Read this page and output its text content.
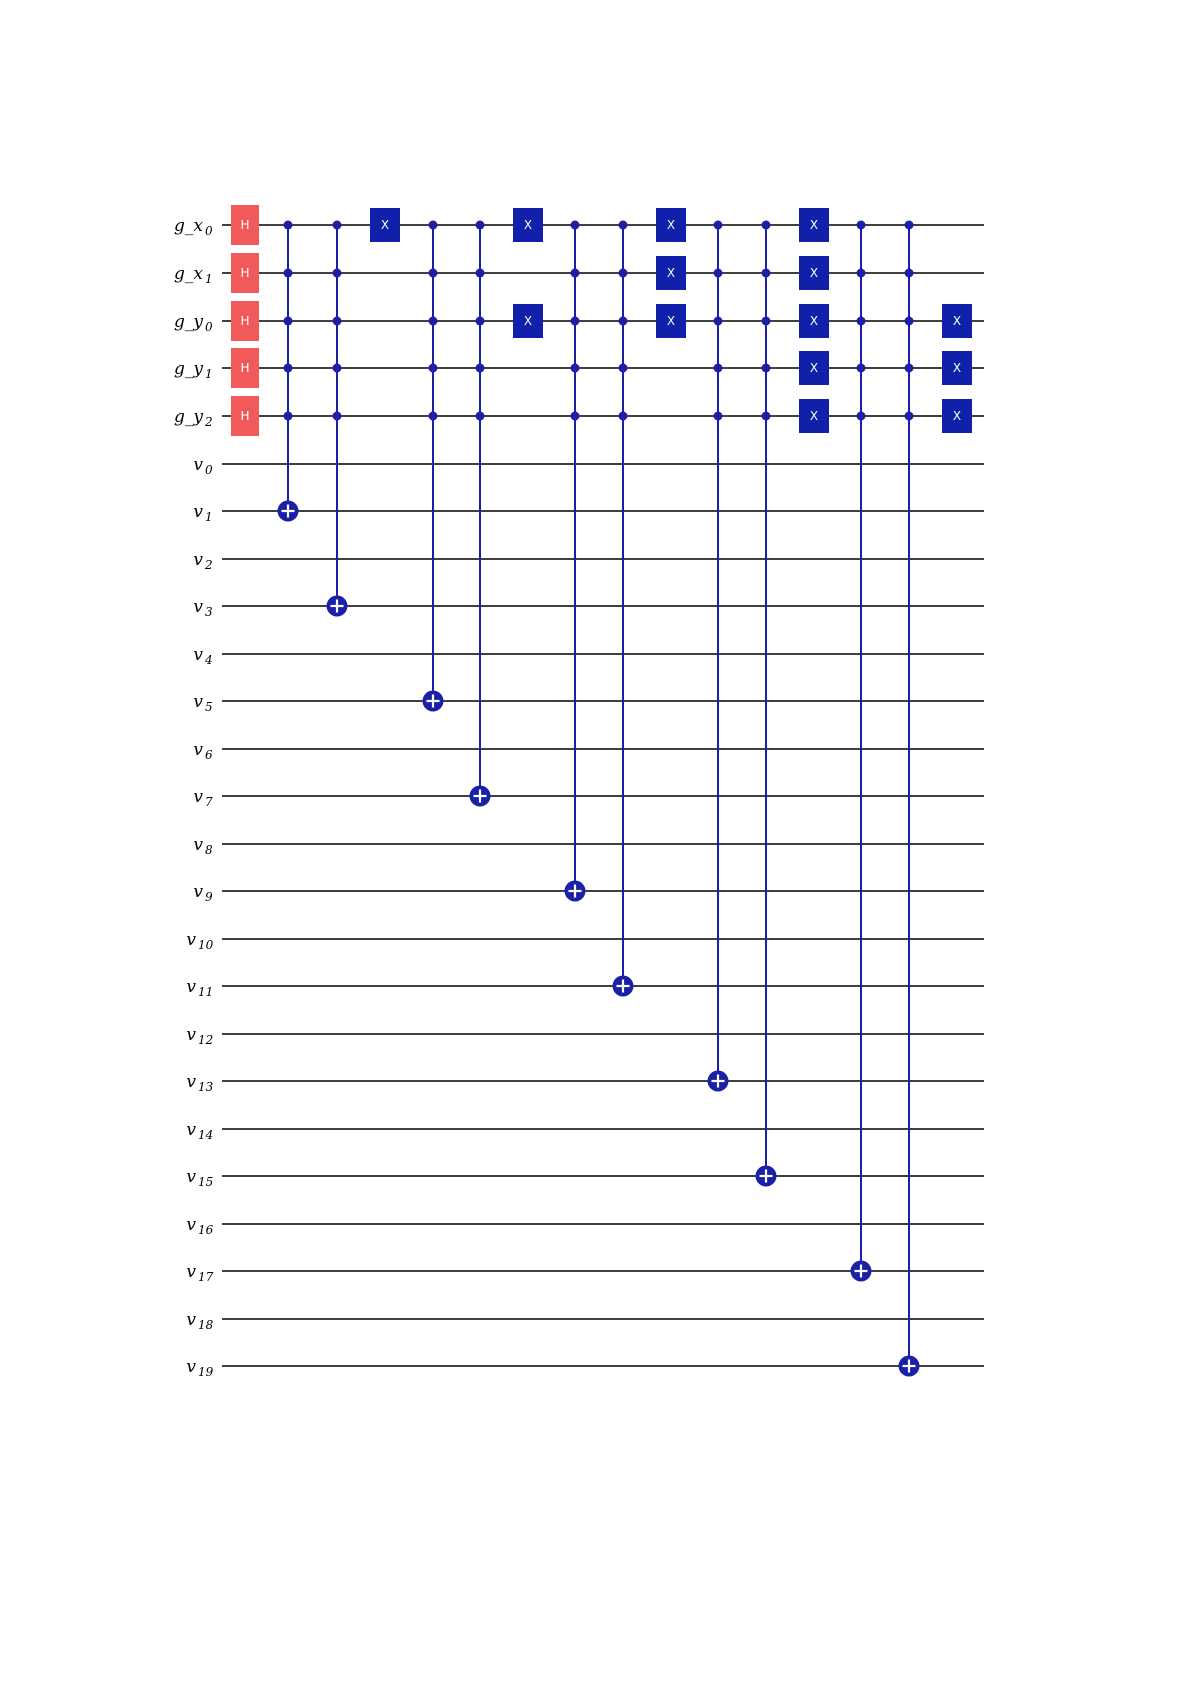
H
H
H
H
H
X	X
X
X
X
X
X
X
X
X
X
X
X
X
g_x 0
g_x 1
g_y 0
g_y 1
g_y 2
v 0
v 1
v 2
v 3
v 4
v 5
v 6
v 7
v 8
v 9
v 10
v 11
v 12
v 13
v 14
v 15
v 16
v 17
v 18
v 19
